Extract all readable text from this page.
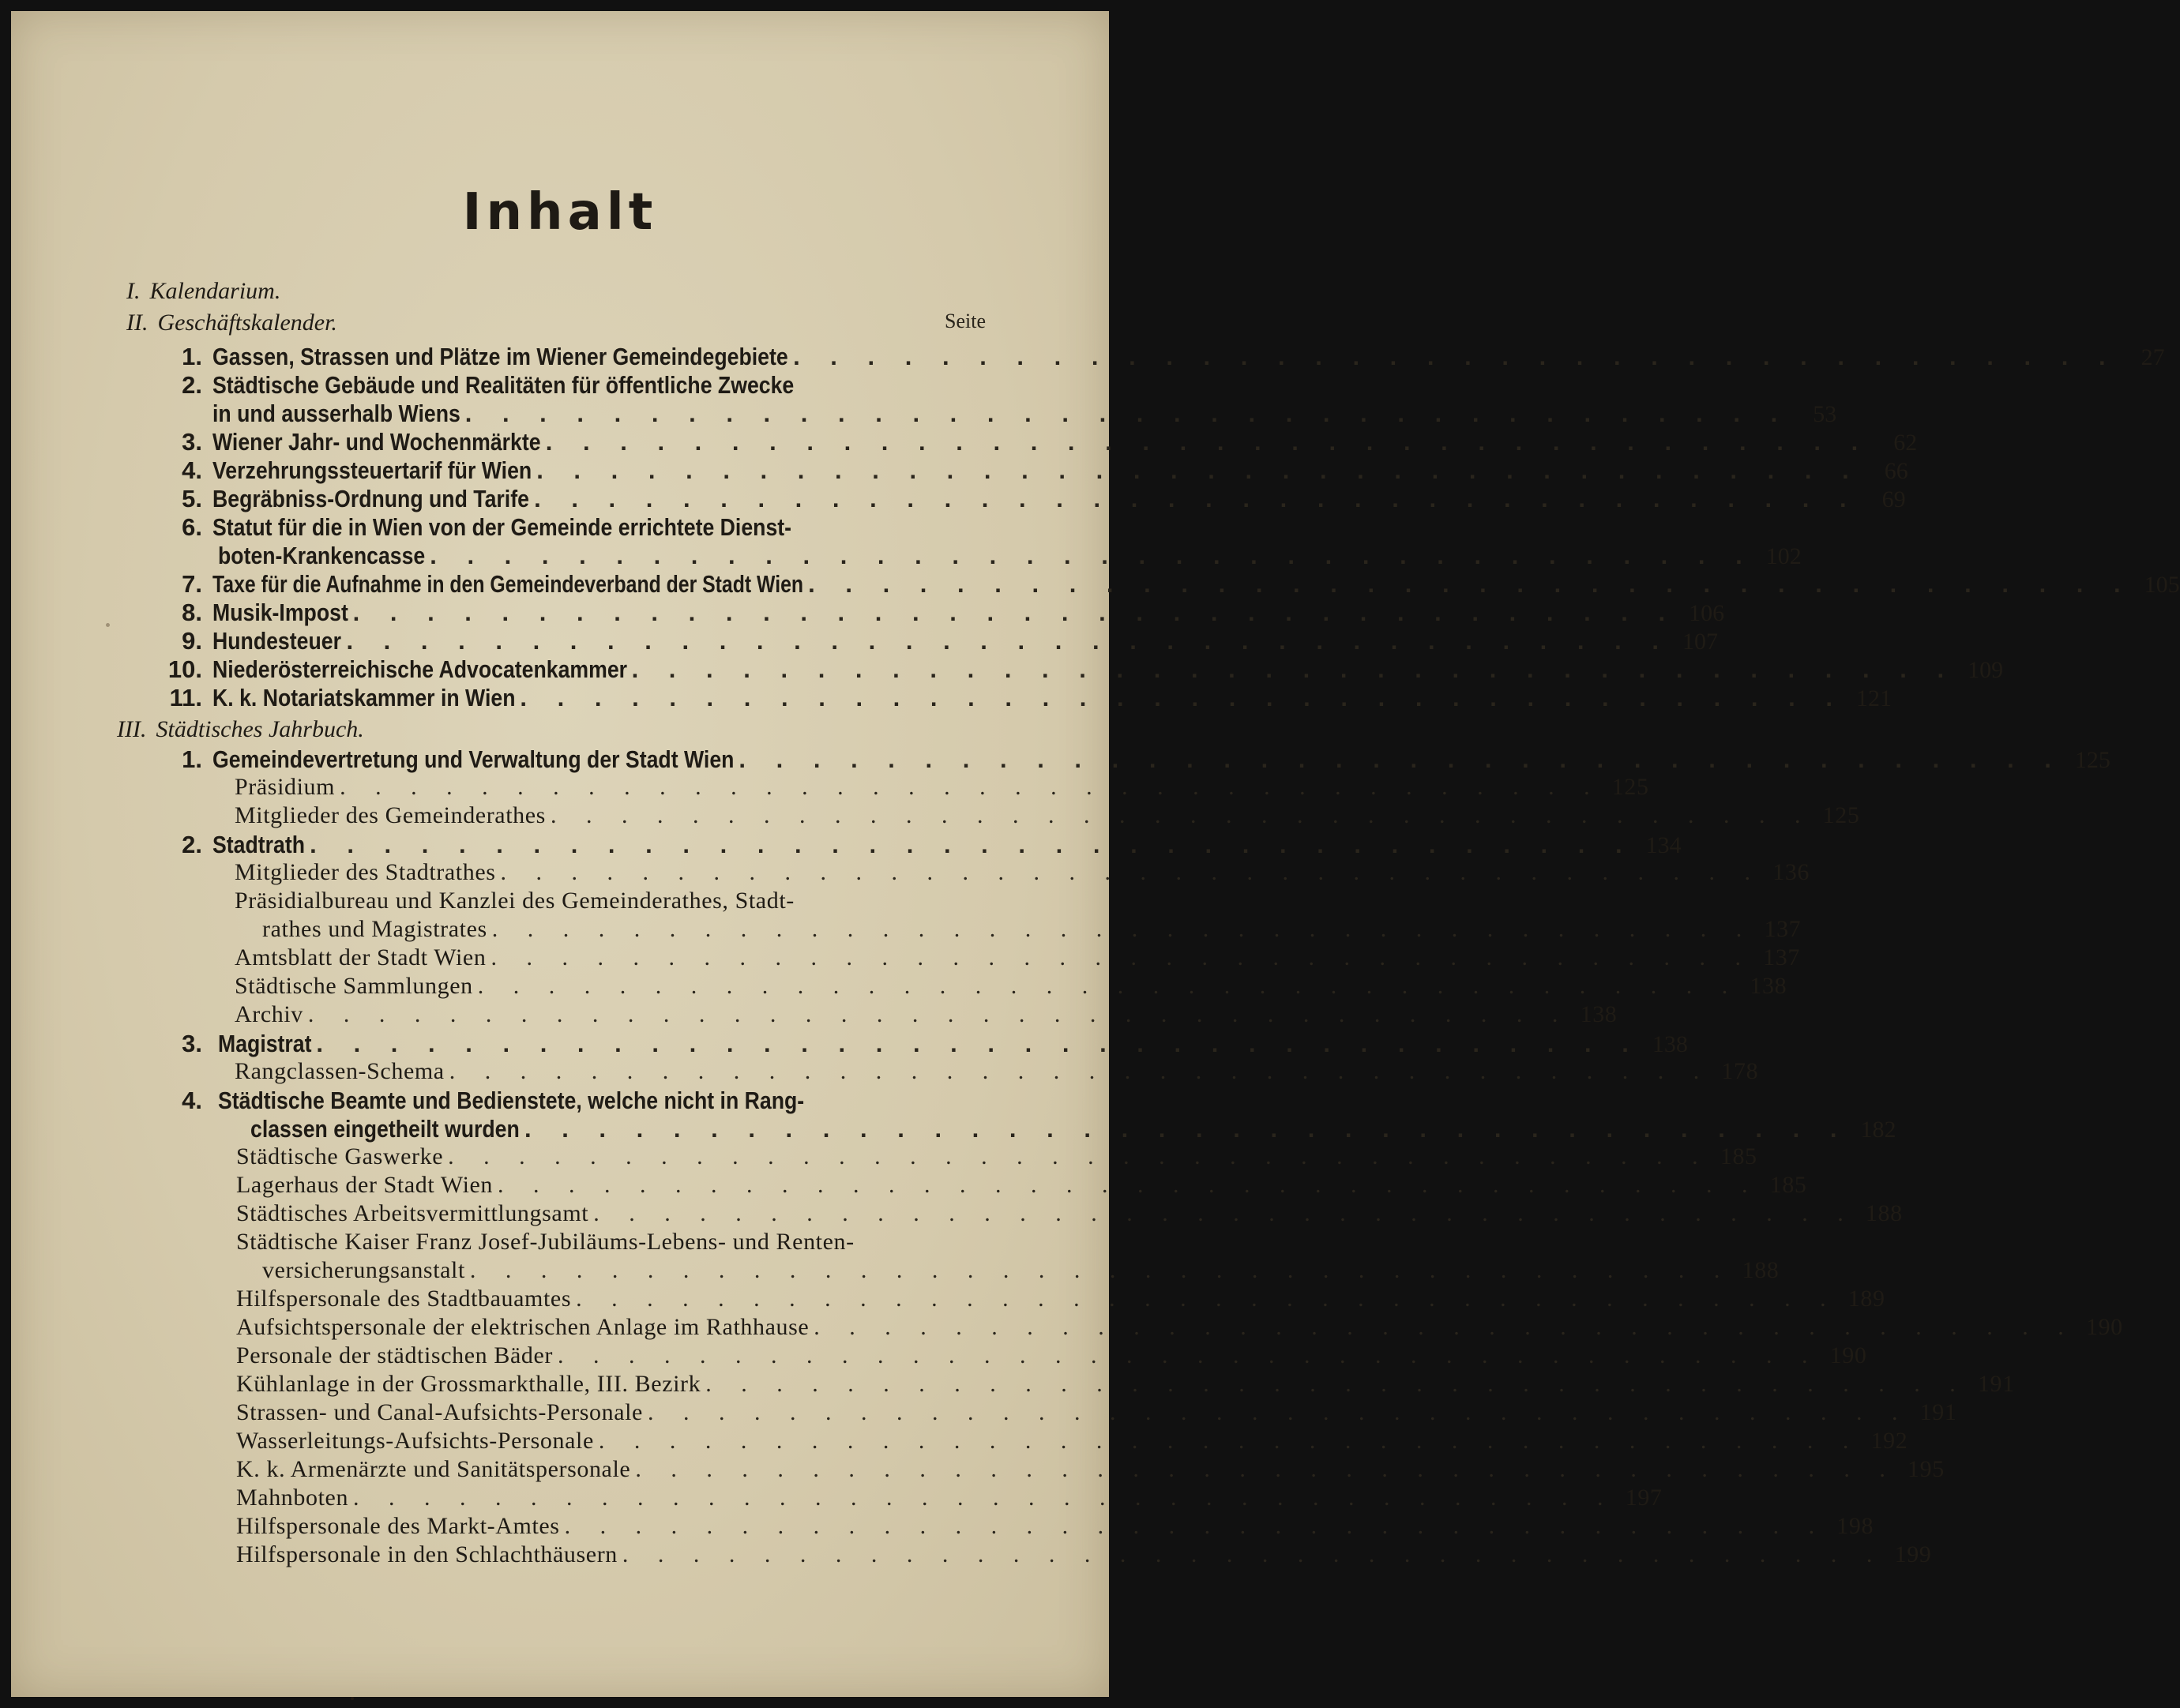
Inhalt
Seite
I. Kalendarium.
II. Geschäftskalender.
III. Städtisches Jahrbuch.
1. Gassen, Strassen und Plätze im Wiener Gemeindegebiete . . . . . . . . . . . . . . . . . . . . . . . . . . . . . . . . . . . .	27
2. Städtische Gebäude und Realitäten für öffentliche Zwecke
in und ausserhalb Wiens . . . . . . . . . . . . . . . . . . . . . . . . . . . . . . . . . . . .	53
3. Wiener Jahr- und Wochenmärkte . . . . . . . . . . . . . . . . . . . . . . . . . . . . . . . . . . . .	62
4. Verzehrungssteuertarif für Wien . . . . . . . . . . . . . . . . . . . . . . . . . . . . . . . . . . . .	66
5. Begräbniss-Ordnung und Tarife . . . . . . . . . . . . . . . . . . . . . . . . . . . . . . . . . . . .	69
6. Statut für die in Wien von der Gemeinde errichtete Dienst-
boten-Krankencasse . . . . . . . . . . . . . . . . . . . . . . . . . . . . . . . . . . . . 102
7. Taxe für die Aufnahme in den Gemeindeverband der Stadt Wien . . . . . . . . . . . . . . . . . . . . . . . . . . . . . . . . . . . . 105
8. Musik-Impost . . . . . . . . . . . . . . . . . . . . . . . . . . . . . . . . . . . . 106
9. Hundesteuer . . . . . . . . . . . . . . . . . . . . . . . . . . . . . . . . . . . . 107
10. Niederösterreichische Advocatenkammer . . . . . . . . . . . . . . . . . . . . . . . . . . . . . . . . . . . . 109
11. K. k. Notariatskammer in Wien . . . . . . . . . . . . . . . . . . . . . . . . . . . . . . . . . . . . 121
1. Gemeindevertretung und Verwaltung der Stadt Wien . . . . . . . . . . . . . . . . . . . . . . . . . . . . . . . . . . . . 125
Präsidium . . . . . . . . . . . . . . . . . . . . . . . . . . . . . . . . . . . . 125
Mitglieder des Gemeinderathes . . . . . . . . . . . . . . . . . . . . . . . . . . . . . . . . . . . . 125
2. Stadtrath . . . . . . . . . . . . . . . . . . . . . . . . . . . . . . . . . . . . 134
Mitglieder des Stadtrathes . . . . . . . . . . . . . . . . . . . . . . . . . . . . . . . . . . . . 136
Präsidialbureau und Kanzlei des Gemeinderathes, Stadt-
rathes und Magistrates . . . . . . . . . . . . . . . . . . . . . . . . . . . . . . . . . . . . 137
Amtsblatt der Stadt Wien . . . . . . . . . . . . . . . . . . . . . . . . . . . . . . . . . . . . 137
Städtische Sammlungen . . . . . . . . . . . . . . . . . . . . . . . . . . . . . . . . . . . . 138
Archiv . . . . . . . . . . . . . . . . . . . . . . . . . . . . . . . . . . . . 138
3. Magistrat . . . . . . . . . . . . . . . . . . . . . . . . . . . . . . . . . . . . 138
Rangclassen-Schema . . . . . . . . . . . . . . . . . . . . . . . . . . . . . . . . . . . . 178
4. Städtische Beamte und Bedienstete, welche nicht in Rang-
classen eingetheilt wurden . . . . . . . . . . . . . . . . . . . . . . . . . . . . . . . . . . . . 182
Städtische Gaswerke . . . . . . . . . . . . . . . . . . . . . . . . . . . . . . . . . . . . 185
Lagerhaus der Stadt Wien . . . . . . . . . . . . . . . . . . . . . . . . . . . . . . . . . . . . 185
Städtisches Arbeitsvermittlungsamt . . . . . . . . . . . . . . . . . . . . . . . . . . . . . . . . . . . . 188
Städtische Kaiser Franz Josef-Jubiläums-Lebens- und Renten-
versicherungsanstalt . . . . . . . . . . . . . . . . . . . . . . . . . . . . . . . . . . . . 188
Hilfspersonale des Stadtbauamtes . . . . . . . . . . . . . . . . . . . . . . . . . . . . . . . . . . . . 189
Aufsichtspersonale der elektrischen Anlage im Rathhause . . . . . . . . . . . . . . . . . . . . . . . . . . . . . . . . . . . . 190
Personale der städtischen Bäder . . . . . . . . . . . . . . . . . . . . . . . . . . . . . . . . . . . . 190
Kühlanlage in der Grossmarkthalle, III. Bezirk . . . . . . . . . . . . . . . . . . . . . . . . . . . . . . . . . . . . 191
Strassen- und Canal-Aufsichts-Personale . . . . . . . . . . . . . . . . . . . . . . . . . . . . . . . . . . . . 191
Wasserleitungs-Aufsichts-Personale . . . . . . . . . . . . . . . . . . . . . . . . . . . . . . . . . . . . 192
K. k. Armenärzte und Sanitätspersonale . . . . . . . . . . . . . . . . . . . . . . . . . . . . . . . . . . . . 195
Mahnboten . . . . . . . . . . . . . . . . . . . . . . . . . . . . . . . . . . . . 197
Hilfspersonale des Markt-Amtes . . . . . . . . . . . . . . . . . . . . . . . . . . . . . . . . . . . . 198
Hilfspersonale in den Schlachthäusern . . . . . . . . . . . . . . . . . . . . . . . . . . . . . . . . . . . . 199
